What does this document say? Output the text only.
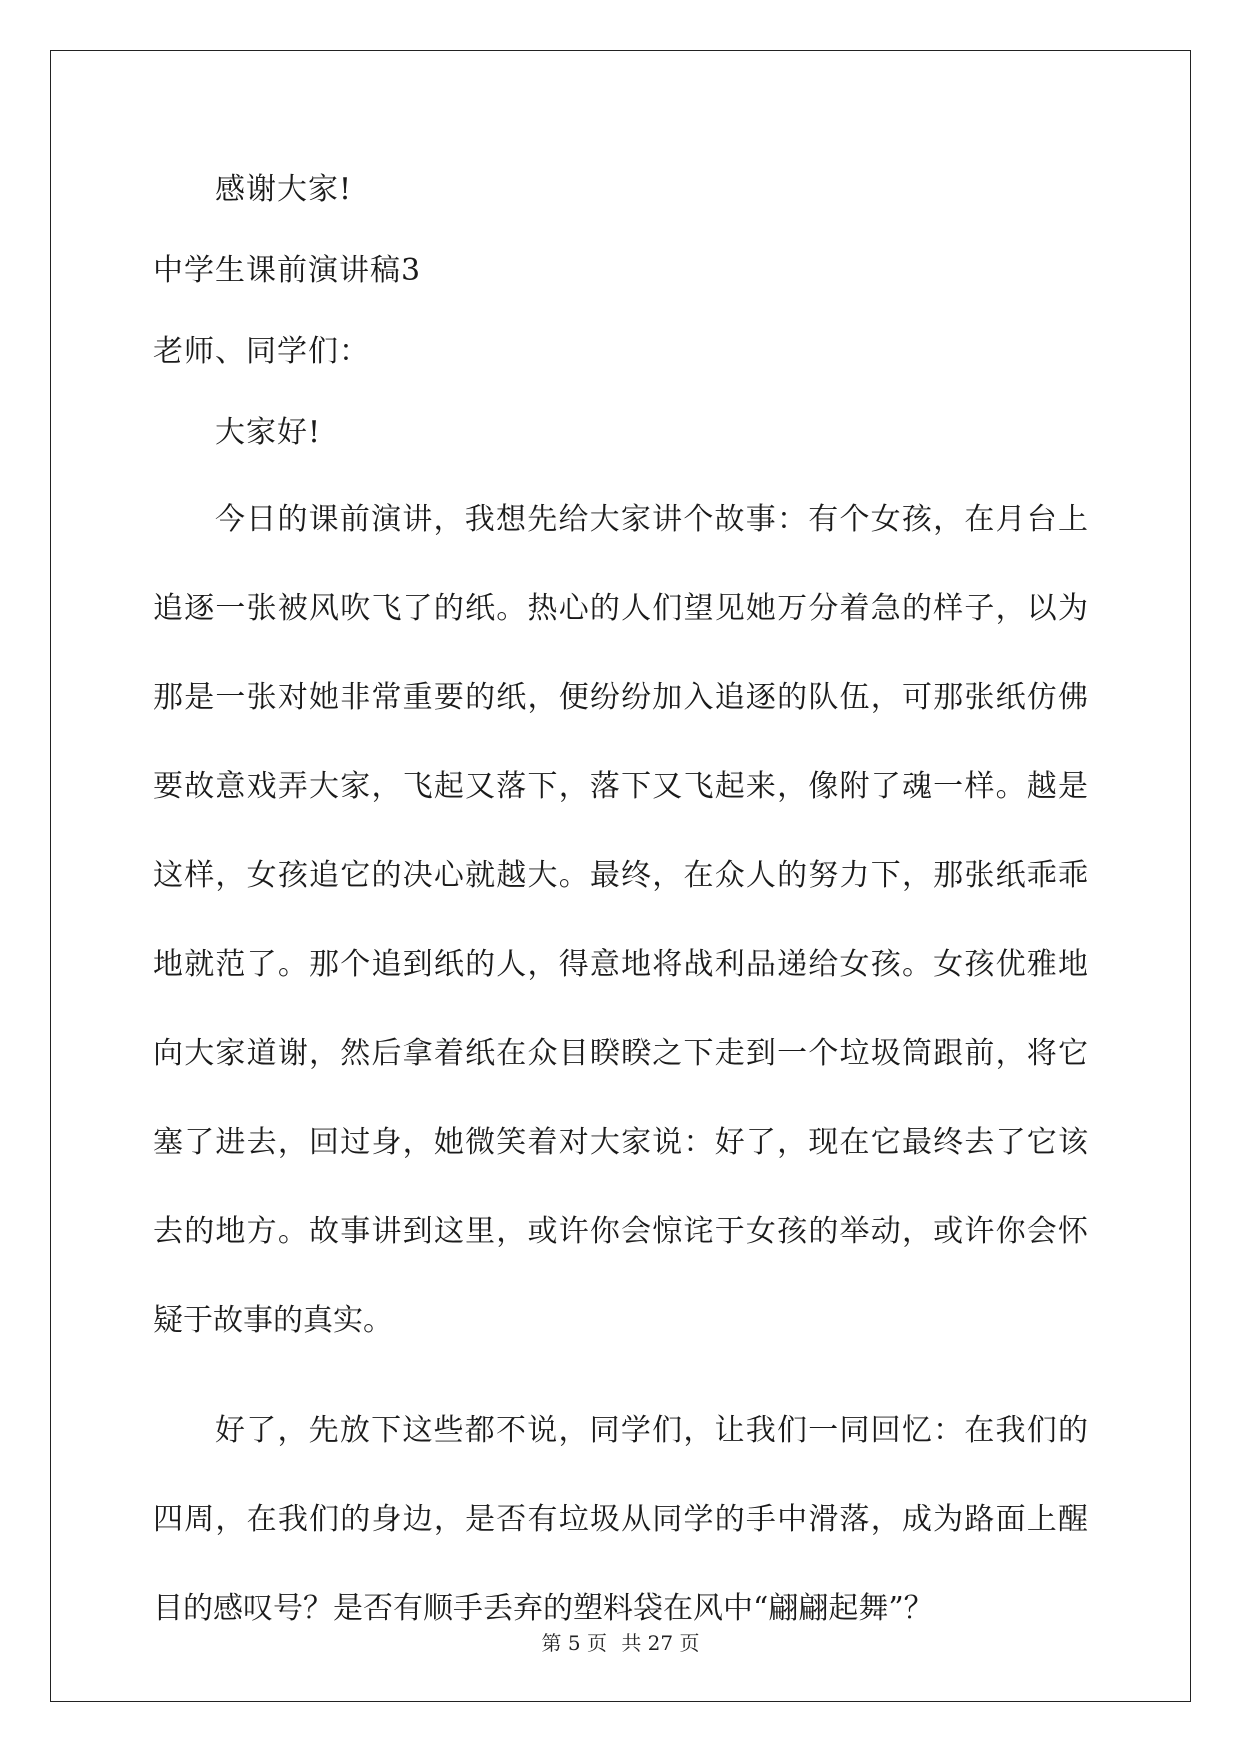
感谢大家!
中学生课前演讲稿3
老师、同学们：
大家好!
今日的课前演讲，我想先给大家讲个故事：有个女孩，在月台上
追逐一张被风吹飞了的纸。热心的人们望见她万分着急的样子，以为
那是一张对她非常重要的纸，便纷纷加入追逐的队伍，可那张纸仿佛
要故意戏弄大家，飞起又落下，落下又飞起来，像附了魂一样。越是
这样，女孩追它的决心就越大。最终，在众人的努力下，那张纸乖乖
地就范了。那个追到纸的人，得意地将战利品递给女孩。女孩优雅地
向大家道谢，然后拿着纸在众目睽睽之下走到一个垃圾筒跟前，将它
塞了进去，回过身，她微笑着对大家说：好了，现在它最终去了它该
去的地方。故事讲到这里，或许你会惊诧于女孩的举动，或许你会怀
疑于故事的真实。
好了，先放下这些都不说，同学们，让我们一同回忆：在我们的
四周，在我们的身边，是否有垃圾从同学的手中滑落，成为路面上醒
目的感叹号？是否有顺手丢弃的塑料袋在风中“翩翩起舞”？
第 5 页 共 27 页
